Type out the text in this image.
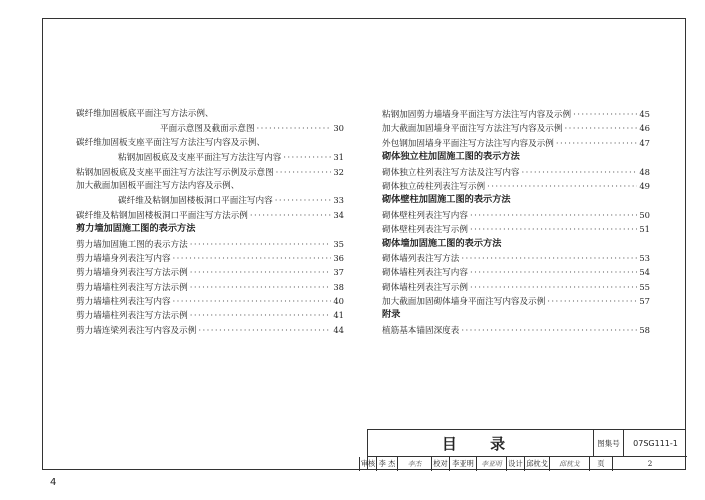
碳纤维加固板底平面注写方法示例、
平面示意图及截面示意图 ·····	30
碳纤维加固板支座平面注写方法注写内容及示例、
粘钢加固板底及支座平面注写方法注写内容 ·····	31
粘钢加固板底及支座平面注写方法注写示例及示意图 ·····	32
加大截面加固板平面注写方法内容及示例、
碳纤维及粘钢加固楼板洞口平面注写内容 ·····	33
碳纤维及粘钢加固楼板洞口平面注写方法示例 ·····	34
剪力墙加固施工图的表示方法
剪力墙加固施工图的表示方法 ·····	35
剪力墙墙身列表注写内容 ·····	36
剪力墙墙身列表注写方法示例 ·····	37
剪力墙墙柱列表注写方法示例 ·····	38
剪力墙墙柱列表注写内容 ·····	40
剪力墙墙柱列表注写方法示例 ·····	41
剪力墙连梁列表注写内容及示例 ·····	44
粘钢加固剪力墙墙身平面注写方法注写内容及示例 ·····	45
加大截面加固墙身平面注写方法注写内容及示例 ·····	46
外包钢加固墙身平面注写方法注写内容及示例 ·····	47
砌体独立柱加固施工图的表示方法
砌体独立柱列表注写方法及注写内容 ·····	48
砌体独立砖柱列表注写示例 ·····	49
砌体壁柱加固施工图的表示方法
砌体壁柱列表注写内容 ·····	50
砌体壁柱列表注写示例 ·····	51
砌体墙加固施工图的表示方法
砌体墙列表注写方法 ·····	53
砌体墙柱列表注写内容 ·····	54
砌体墙柱列表注写示例 ·····	55
加大截面加固砌体墙身平面注写内容及示例 ·····	57
附录
植筋基本锚固深度表 ·····	58
目 录	图集号	07SG111-1
审核 李 杰	李杰	校对 李亚明	李亚明 设计 邱枕戈	邱枕戈	页	2
4
